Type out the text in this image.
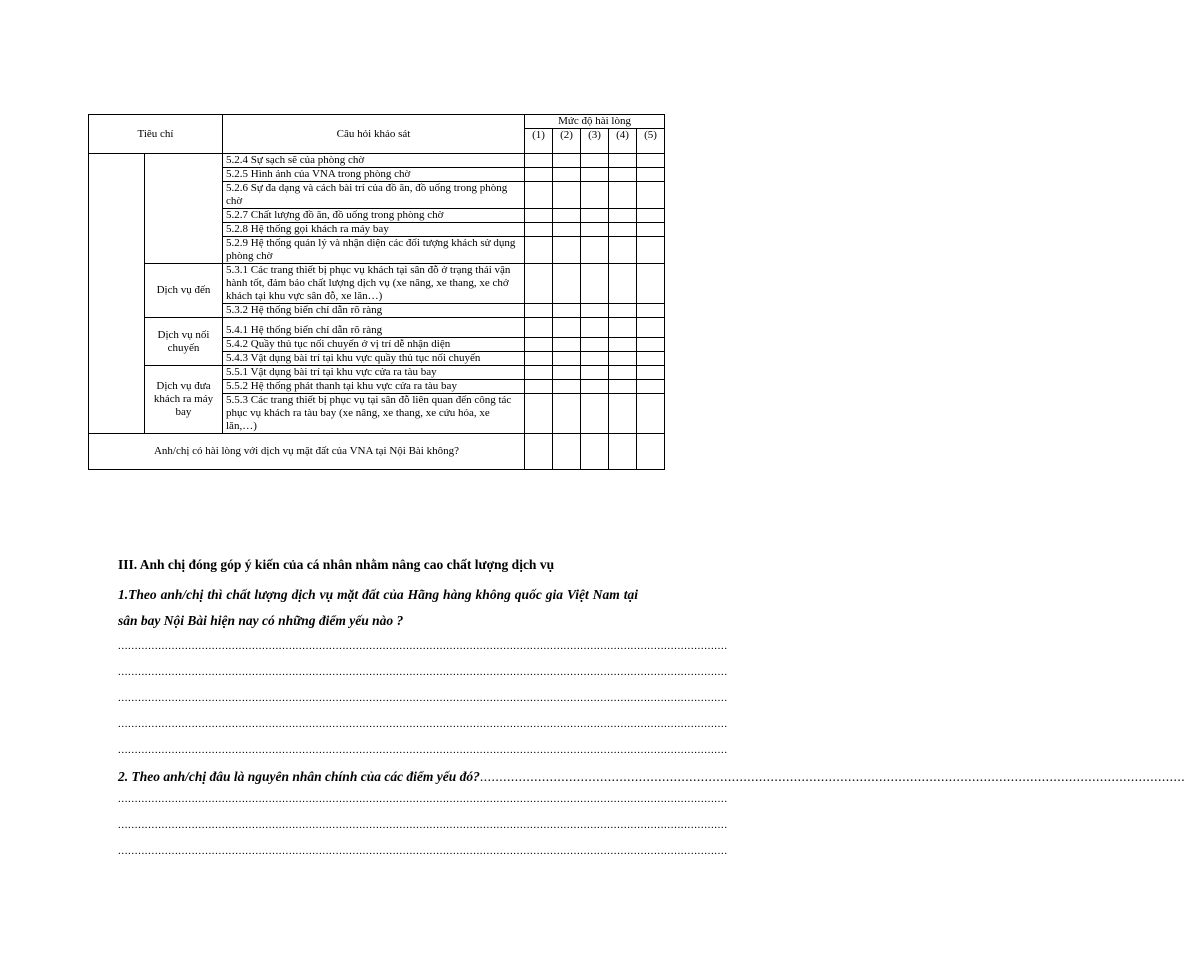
Tiêu chí		Câu hỏi khảo sát	Mức độ hài lòng				
			(1)	(2)	(3)	(4)	(5)
		5.2.4 Sự sạch sẽ của phòng chờ					
		5.2.5 Hình ảnh của VNA trong phòng chờ					
		5.2.6 Sự đa dạng và cách bài trí của đồ ăn, đồ uống trong phòng chờ					
		5.2.7 Chất lượng đồ ăn, đồ uống trong phòng chờ					
		5.2.8 Hệ thống gọi khách ra máy bay					
		5.2.9 Hệ thống quản lý và nhận diện các đối tượng khách sử dụng phòng chờ					
	Dịch vụ đến	5.3.1 Các trang thiết bị phục vụ khách tại sân đỗ ở trạng thái vận hành tốt, đảm bảo chất lượng dịch vụ (xe nâng, xe thang, xe chở khách tại khu vực sân đỗ, xe lăn…)					
		5.3.2 Hệ thống biển chỉ dẫn rõ ràng					
	Dịch vụ nối chuyến	5.4.1 Hệ thống biển chỉ dẫn rõ ràng					
		5.4.2 Quầy thủ tục nối chuyến ở vị trí dễ nhận diện					
		5.4.3 Vật dụng bài trí tại khu vực quầy thủ tục nối chuyến					
	Dịch vụ đưa khách ra máy bay	5.5.1 Vật dụng bài trí tại khu vực cửa ra tàu bay					
		5.5.2 Hệ thống phát thanh tại khu vực cửa ra tàu bay					
		5.5.3 Các trang thiết bị phục vụ tại sân đỗ liên quan đến công tác phục vụ khách ra tàu bay (xe nâng, xe thang, xe cứu hỏa, xe lăn,…)					
Anh/chị có hài lòng với dịch vụ mặt đất của VNA tại Nội Bài không?							
III. Anh chị đóng góp ý kiến của cá nhân nhằm nâng cao chất lượng dịch vụ
1.Theo anh/chị thì chất lượng dịch vụ mặt đất của Hãng hàng không quốc gia Việt Nam tại sân bay Nội Bài hiện nay có những điểm yếu nào ?
......................................................................................................................................................................................
......................................................................................................................................................................................
......................................................................................................................................................................................
......................................................................................................................................................................................
......................................................................................................................................................................................
2. Theo anh/chị đâu là nguyên nhân chính của các điểm yếu đó? ......................................................................................................................................................................................
......................................................................................................................................................................................
......................................................................................................................................................................................
......................................................................................................................................................................................
